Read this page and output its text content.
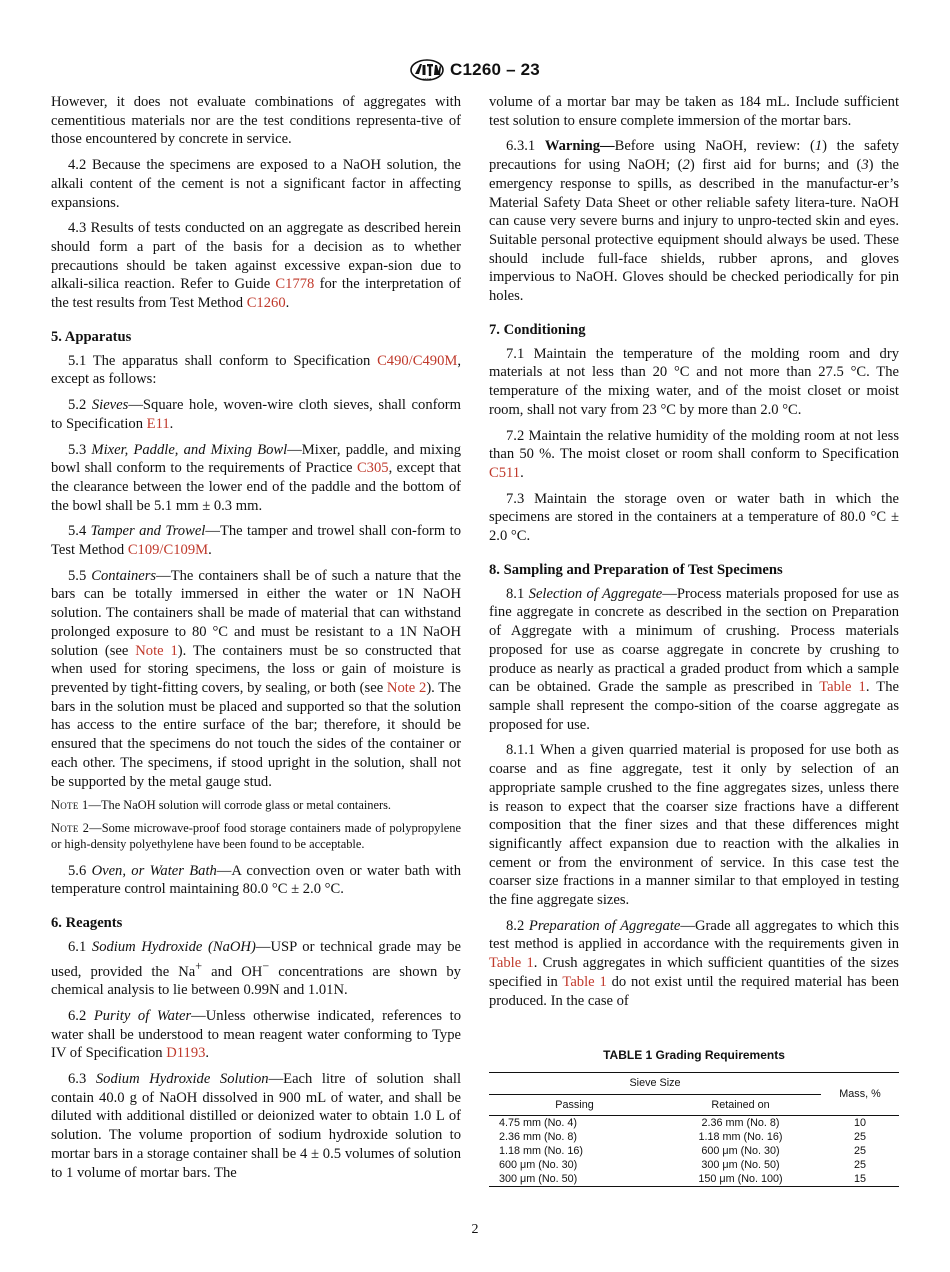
ASTM C1260 – 23

However, it does not evaluate combinations of aggregates with cementitious materials nor are the test conditions representa-tive of those encountered by concrete in service.

4.2 Because the specimens are exposed to a NaOH solution, the alkali content of the cement is not a significant factor in affecting expansions.

4.3 Results of tests conducted on an aggregate as described herein should form a part of the basis for a decision as to whether precautions should be taken against excessive expan-sion due to alkali-silica reaction. Refer to Guide C1778 for the interpretation of the test results from Test Method C1260.

5. Apparatus

5.1 The apparatus shall conform to Specification C490/C490M, except as follows:

5.2 Sieves—Square hole, woven-wire cloth sieves, shall conform to Specification E11.

5.3 Mixer, Paddle, and Mixing Bowl—Mixer, paddle, and mixing bowl shall conform to the requirements of Practice C305, except that the clearance between the lower end of the paddle and the bottom of the bowl shall be 5.1 mm ± 0.3 mm.

5.4 Tamper and Trowel—The tamper and trowel shall con-form to Test Method C109/C109M.

5.5 Containers—The containers shall be of such a nature that the bars can be totally immersed in either the water or 1N NaOH solution. The containers shall be made of material that can withstand prolonged exposure to 80 °C and must be resistant to a 1N NaOH solution (see Note 1). The containers must be so constructed that when used for storing specimens, the loss or gain of moisture is prevented by tight-fitting covers, by sealing, or both (see Note 2). The bars in the solution must be placed and supported so that the solution has access to the entire surface of the bar; therefore, it should be ensured that the specimens do not touch the sides of the container or each other. The specimens, if stood upright in the solution, shall not be supported by the metal gauge stud.

Note 1—The NaOH solution will corrode glass or metal containers.

Note 2—Some microwave-proof food storage containers made of polypropylene or high-density polyethylene have been found to be acceptable.

5.6 Oven, or Water Bath—A convection oven or water bath with temperature control maintaining 80.0 °C ± 2.0 °C.

6. Reagents

6.1 Sodium Hydroxide (NaOH)—USP or technical grade may be used, provided the Na+ and OH− concentrations are shown by chemical analysis to lie between 0.99N and 1.01N.

6.2 Purity of Water—Unless otherwise indicated, references to water shall be understood to mean reagent water conforming to Type IV of Specification D1193.

6.3 Sodium Hydroxide Solution—Each litre of solution shall contain 40.0 g of NaOH dissolved in 900 mL of water, and shall be diluted with additional distilled or deionized water to obtain 1.0 L of solution. The volume proportion of sodium hydroxide solution to mortar bars in a storage container shall be 4 ± 0.5 volumes of solution to 1 volume of mortar bars. The

volume of a mortar bar may be taken as 184 mL. Include sufficient test solution to ensure complete immersion of the mortar bars.

6.3.1 Warning—Before using NaOH, review: (1) the safety precautions for using NaOH; (2) first aid for burns; and (3) the emergency response to spills, as described in the manufactur-er’s Material Safety Data Sheet or other reliable safety litera-ture. NaOH can cause very severe burns and injury to unpro-tected skin and eyes. Suitable personal protective equipment should always be used. These should include full-face shields, rubber aprons, and gloves impervious to NaOH. Gloves should be checked periodically for pin holes.

7. Conditioning

7.1 Maintain the temperature of the molding room and dry materials at not less than 20 °C and not more than 27.5 °C. The temperature of the mixing water, and of the moist closet or moist room, shall not vary from 23 °C by more than 2.0 °C.

7.2 Maintain the relative humidity of the molding room at not less than 50 %. The moist closet or room shall conform to Specification C511.

7.3 Maintain the storage oven or water bath in which the specimens are stored in the containers at a temperature of 80.0 °C ± 2.0 °C.

8. Sampling and Preparation of Test Specimens

8.1 Selection of Aggregate—Process materials proposed for use as fine aggregate in concrete as described in the section on Preparation of Aggregate with a minimum of crushing. Process materials proposed for use as coarse aggregate in concrete by crushing to produce as nearly as practical a graded product from which a sample can be obtained. Grade the sample as prescribed in Table 1. The sample shall represent the compo-sition of the coarse aggregate as proposed for use.

8.1.1 When a given quarried material is proposed for use both as coarse and as fine aggregate, test it only by selection of an appropriate sample crushed to the fine aggregates sizes, unless there is reason to expect that the coarser size fractions have a different composition that the finer sizes and that these differences might significantly affect expansion due to reaction with the alkalies in cement or from the environment of service. In this case test the coarser size fractions in a manner similar to that employed in testing the fine aggregate sizes.

8.2 Preparation of Aggregate—Grade all aggregates to which this test method is applied in accordance with the requirements given in Table 1. Crush aggregates in which sufficient quantities of the sizes specified in Table 1 do not exist until the required material has been produced. In the case of

TABLE 1 Grading Requirements
Sieve Size		Mass, %
Passing	Retained on	
4.75 mm (No. 4)	2.36 mm (No. 8)	10
2.36 mm (No. 8)	1.18 mm (No. 16)	25
1.18 mm (No. 16)	600 μm (No. 30)	25
600 μm (No. 30)	300 μm (No. 50)	25
300 μm (No. 50)	150 μm (No. 100)	15
2
